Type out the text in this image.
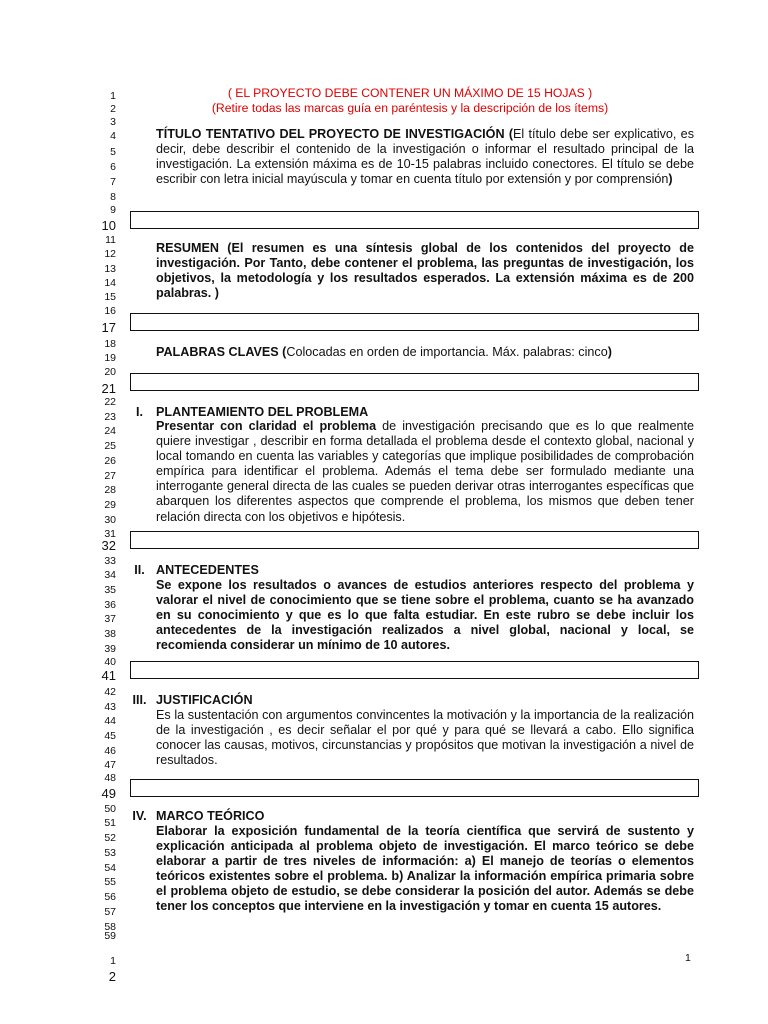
1
2
3
4
5
6
7
8
9
10
11
12
13
14
15
16
17
18
19
20
21
22
23
24
25
26
27
28
29
30
31
32
33
34
35
36
37
38
39
40
41
42
43
44
45
46
47
48
49
50
51
52
53
54
55
56
57
58
59
1
2
( EL PROYECTO DEBE CONTENER UN MÁXIMO DE 15 HOJAS )
(Retire todas las marcas guía en paréntesis y la descripción de los ítems)
TÍTULO TENTATIVO DEL PROYECTO DE INVESTIGACIÓN (El título debe ser explicativo, es decir, debe describir el contenido de la investigación o informar el resultado principal de la investigación. La extensión máxima es de 10-15 palabras incluido conectores. El título se debe escribir con letra inicial mayúscula y tomar en cuenta título por extensión y por comprensión)
RESUMEN (El resumen es una síntesis global de los contenidos del proyecto de investigación. Por Tanto, debe contener el problema, las preguntas de investigación, los objetivos, la metodología y los resultados esperados. La extensión máxima es de 200 palabras. )
PALABRAS CLAVES (Colocadas en orden de importancia. Máx. palabras: cinco)
I.	PLANTEAMIENTO DEL PROBLEMA
Presentar con claridad el problema de investigación precisando que es lo que realmente quiere investigar , describir en forma detallada el problema desde el contexto global, nacional y local tomando en cuenta las variables y categorías que implique posibilidades de comprobación empírica para identificar el problema. Además el tema debe ser formulado mediante una interrogante general directa de las cuales se pueden derivar otras interrogantes específicas que abarquen los diferentes aspectos que comprende el problema, los mismos que deben tener relación directa con los objetivos e hipótesis.
II. ANTECEDENTES
Se expone los resultados o avances de estudios anteriores respecto del problema y valorar el nivel de conocimiento que se tiene sobre el problema, cuanto se ha avanzado en su conocimiento y que es lo que falta estudiar. En este rubro se debe incluir los antecedentes de la investigación realizados a nivel global, nacional y local, se recomienda considerar un mínimo de 10 autores.
III. JUSTIFICACIÓN
Es la sustentación con argumentos convincentes la motivación y la importancia de la realización de la investigación , es decir señalar el por qué y para qué se llevará a cabo. Ello significa conocer las causas, motivos, circunstancias y propósitos que motivan la investigación a nivel de resultados.
IV. MARCO TEÓRICO
Elaborar la exposición fundamental de la teoría científica que servirá de sustento y explicación anticipada al problema objeto de investigación. El marco teórico se debe elaborar a partir de tres niveles de información: a) El manejo de teorías o elementos teóricos existentes sobre el problema. b) Analizar la información empírica primaria sobre el problema objeto de estudio, se debe considerar la posición del autor. Además se debe tener los conceptos que interviene en la investigación y tomar en cuenta 15 autores.
1
